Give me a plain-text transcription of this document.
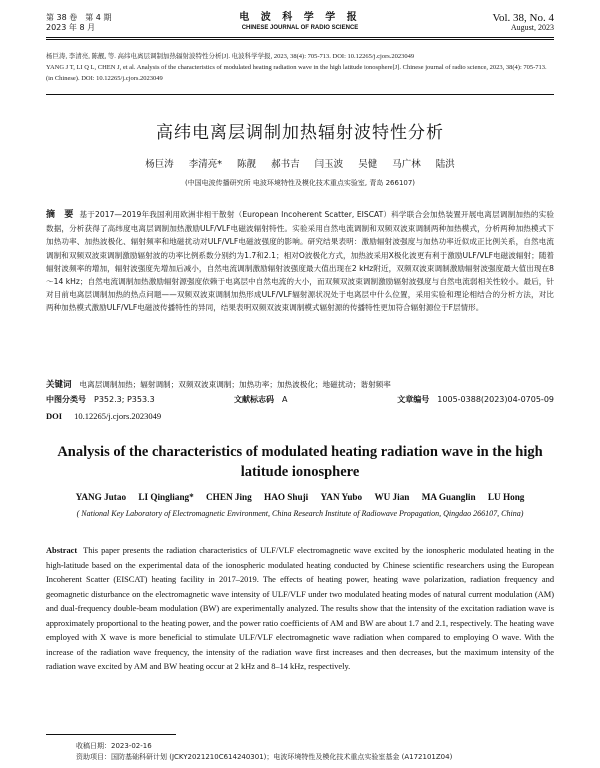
第 38 卷　第 4 期
2023 年 8 月
电 波 科 学 学 报
CHINESE JOURNAL OF RADIO SCIENCE
Vol. 38, No. 4
August, 2023
杨巨涛, 李清亮, 陈靓, 等. 高纬电离层调制加热辐射波特性分析[J]. 电波科学学报, 2023, 38(4): 705-713. DOI: 10.12265/j.cjors.2023049
YANG J T, LI Q L, CHEN J, et al. Analysis of the characteristics of modulated heating radiation wave in the high latitude ionosphere[J]. Chinese journal of radio science, 2023, 38(4): 705-713. (in Chinese). DOI: 10.12265/j.cjors.2023049
高纬电离层调制加热辐射波特性分析
杨巨涛 李清亮* 陈靓 郝书吉 闫玉波 吴健 马广林 陆洪
(中国电波传播研究所 电波环境特性及模化技术重点实验室, 青岛 266107)
摘　要 基于2017—2019年我国利用欧洲非相干散射（European Incoherent Scatter, EISCAT）科学联合会加热装置开展电离层调制加热的实验数据，分析获得了高纬度电离层调制加热激励ULF/VLF电磁波辐射特性。实验采用自然电流调制和双频双波束调制两种加热模式，分析两种加热模式下加热功率、加热波极化、辐射频率和地磁扰动对ULF/VLF电磁波强度的影响。研究结果表明：激励辐射波强度与加热功率近似成正比例关系，自然电流调制和双频双波束调制激励辐射波的功率比例系数分别约为1.7和2.1；相对O波极化方式，加热波采用X极化波更有利于激励ULF/VLF电磁波辐射；随着辐射波频率的增加，辐射波强度先增加后减小，自然电流调制激励辐射波强度最大值出现在2 kHz附近，双频双波束调制激励辐射波强度最大值出现在8～14 kHz；自然电流调制加热激励辐射源强度依赖于电离层中自然电流的大小，而双频双波束调制激励辐射波强度与自然电流弱相关性较小。最后，针对目前电离层调制加热的热点问题——双频双波束调制加热形成ULF/VLF辐射源状况处于电离层中什么位置，采用实验和理论相结合的分析方法，对比两种加热模式激励ULF/VLF电磁波传播特性的异同，结果表明双频双波束调制模式辐射源的传播特性更加符合辐射源位于F层情形。
关键词 电离层调制加热；辐射调制；双频双波束调制；加热功率；加热波极化；地磁扰动；谐射频率
中图分类号 P352.3; P353.3	文献标志码 A	文章编号 1005-0388(2023)04-0705-09
DOI 10.12265/j.cjors.2023049
Analysis of the characteristics of modulated heating radiation wave in the high latitude ionosphere
YANG Jutao LI Qingliang* CHEN Jing HAO Shuji YAN Yubo WU Jian MA Guanglin LU Hong
( National Key Laboratory of Electromagnetic Environment, China Research Institute of Radiowave Propagation, Qingdao 266107, China)
Abstract This paper presents the radiation characteristics of ULF/VLF electromagnetic wave excited by the ionospheric modulated heating in the high-latitude based on the experimental data of the ionospheric modulated heating conducted by Chinese scientific researchers using the European Incoherent Scatter (EISCAT) heating facility in 2017–2019. The effects of heating power, heating wave polarization, radiation frequency and geomagnetic disturbance on the electromagnetic wave intensity of ULF/VLF under two modulated heating modes of natural current modulation (AM) and dual-frequency double-beam modulation (BW) are experimentally analyzed. The results show that the intensity of the excitation radiation wave is approximately proportional to the heating power, and the power ratio coefficients of AM and BW are about 1.7 and 2.1, respectively. The heating wave employed with X wave is more beneficial to stimulate ULF/VLF electromagnetic wave radiation when compared to employing O wave. With the increase of the radiation wave frequency, the intensity of the radiation wave first increases and then decreases, but the maximum intensity of the radiation wave excited by AM and BW heating occur at 2 kHz and 8–14 kHz, respectively.
收稿日期：2023-02-16
资助项目：国防基础科研计划 (JCKY2021210C614240301)；电波环境特性及模化技术重点实验室基金 (A172101Z04)
